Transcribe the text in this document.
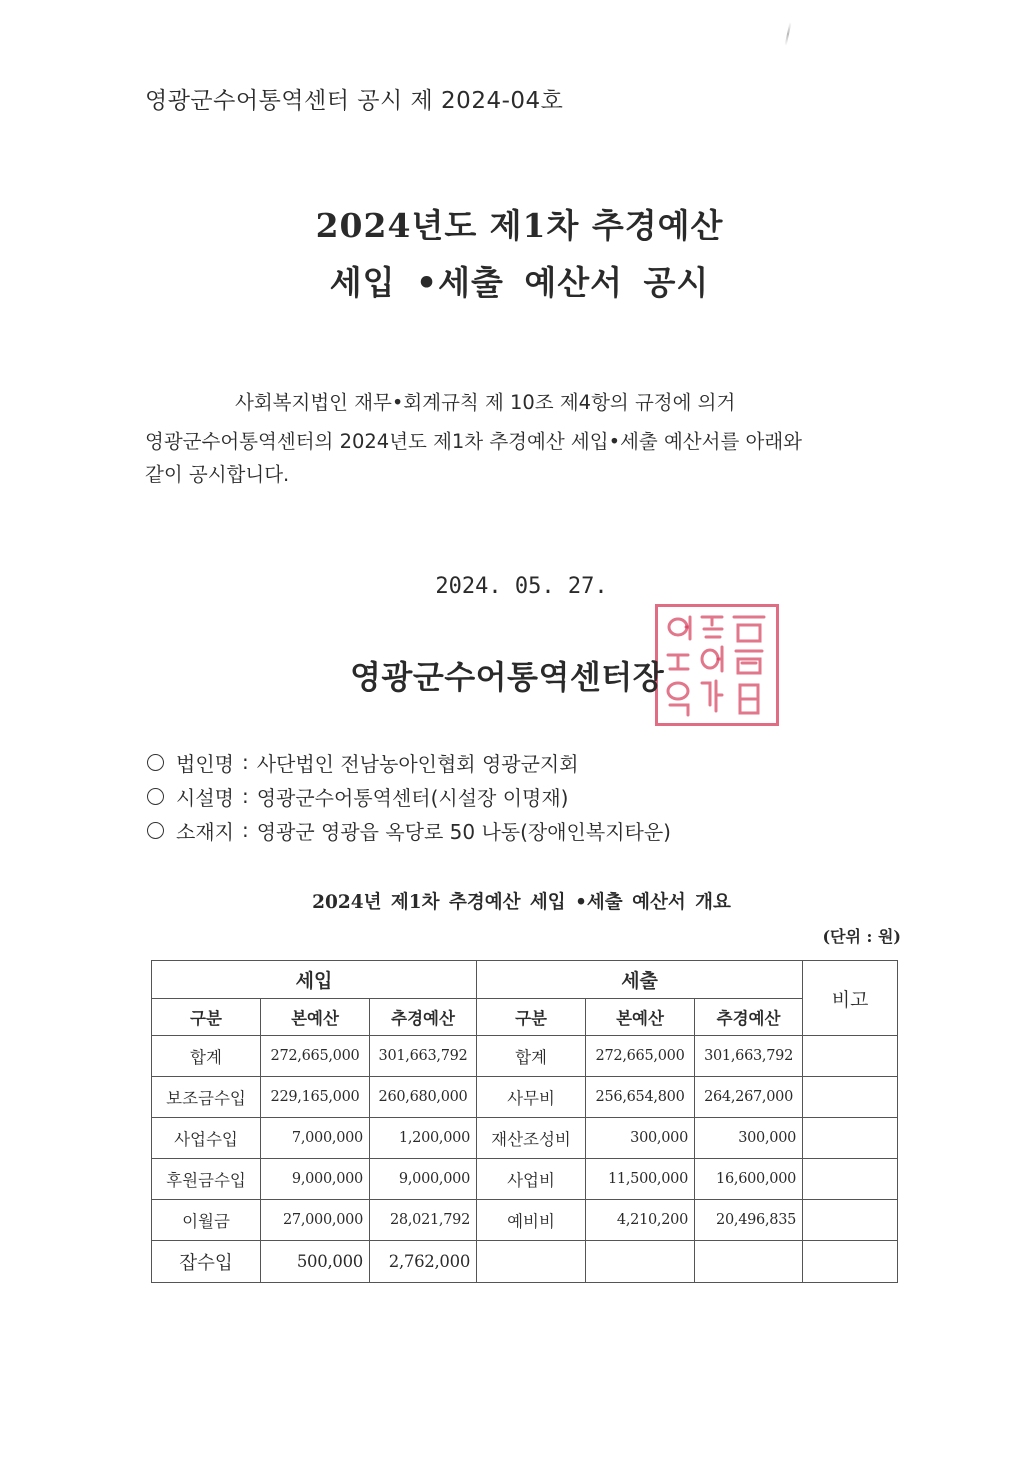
영광군수어통역센터 공시 제 2024-04호
2024년도 제1차 추경예산
세입 •세출 예산서 공시
사회복지법인 재무•회계규칙 제 10조 제4항의 규정에 의거
영광군수어통역센터의 2024년도 제1차 추경예산 세입•세출 예산서를 아래와
같이 공시합니다.
2024. 05. 27.
영광군수어통역센터장
법인명 : 사단법인 전남농아인협회 영광군지회
시설명 : 영광군수어통역센터(시설장 이명재)
소재지 : 영광군 영광읍 옥당로 50 나동(장애인복지타운)
2024년 제1차 추경예산 세입 •세출 예산서 개요
(단위 : 원)
세입			세출			비고
구분	본예산	추경예산	구분	본예산	추경예산	
합계	272,665,000	301,663,792	합계	272,665,000	301,663,792	
보조금수입	229,165,000	260,680,000	사무비	256,654,800	264,267,000	
사업수입	7,000,000	1,200,000	재산조성비	300,000	300,000	
후원금수입	9,000,000	9,000,000	사업비	11,500,000	16,600,000	
이월금	27,000,000	28,021,792	예비비	4,210,200	20,496,835	
잡수입	500,000	2,762,000				
